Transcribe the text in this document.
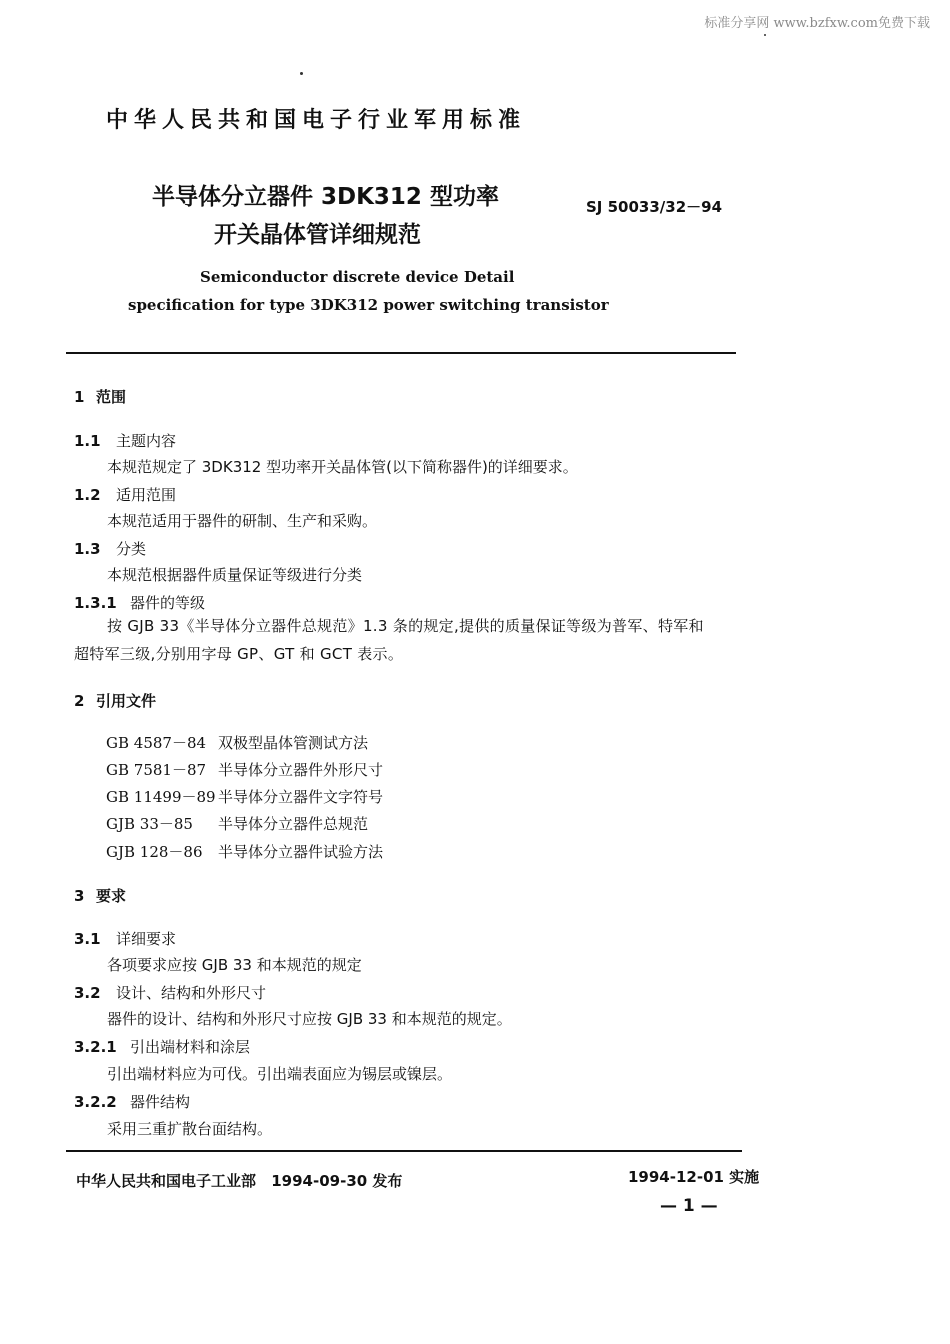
标准分享网 www.bzfxw.com免费下载
中华人民共和国电子行业军用标准
半导体分立器件 3DK312 型功率
开关晶体管详细规范
SJ 50033/32－94
Semiconductor discrete device Detail
specification for type 3DK312 power switching transistor
1 范围
1.1 主题内容
本规范规定了 3DK312 型功率开关晶体管(以下简称器件)的详细要求。
1.2 适用范围
本规范适用于器件的研制、生产和采购。
1.3 分类
本规范根据器件质量保证等级进行分类
1.3.1 器件的等级
按 GJB 33《半导体分立器件总规范》1.3 条的规定,提供的质量保证等级为普军、特军和超特军三级,分别用字母 GP、GT 和 GCT 表示。
2 引用文件
GB 4587－84 双极型晶体管测试方法
GB 7581－87 半导体分立器件外形尺寸
GB 11499－89 半导体分立器件文字符号
GJB 33－85 半导体分立器件总规范
GJB 128－86 半导体分立器件试验方法
3 要求
3.1 详细要求
各项要求应按 GJB 33 和本规范的规定
3.2 设计、结构和外形尺寸
器件的设计、结构和外形尺寸应按 GJB 33 和本规范的规定。
3.2.1 引出端材料和涂层
引出端材料应为可伐。引出端表面应为锡层或镍层。
3.2.2 器件结构
采用三重扩散台面结构。
中华人民共和国电子工业部 1994-09-30 发布	1994-12-01 实施
— 1 —
